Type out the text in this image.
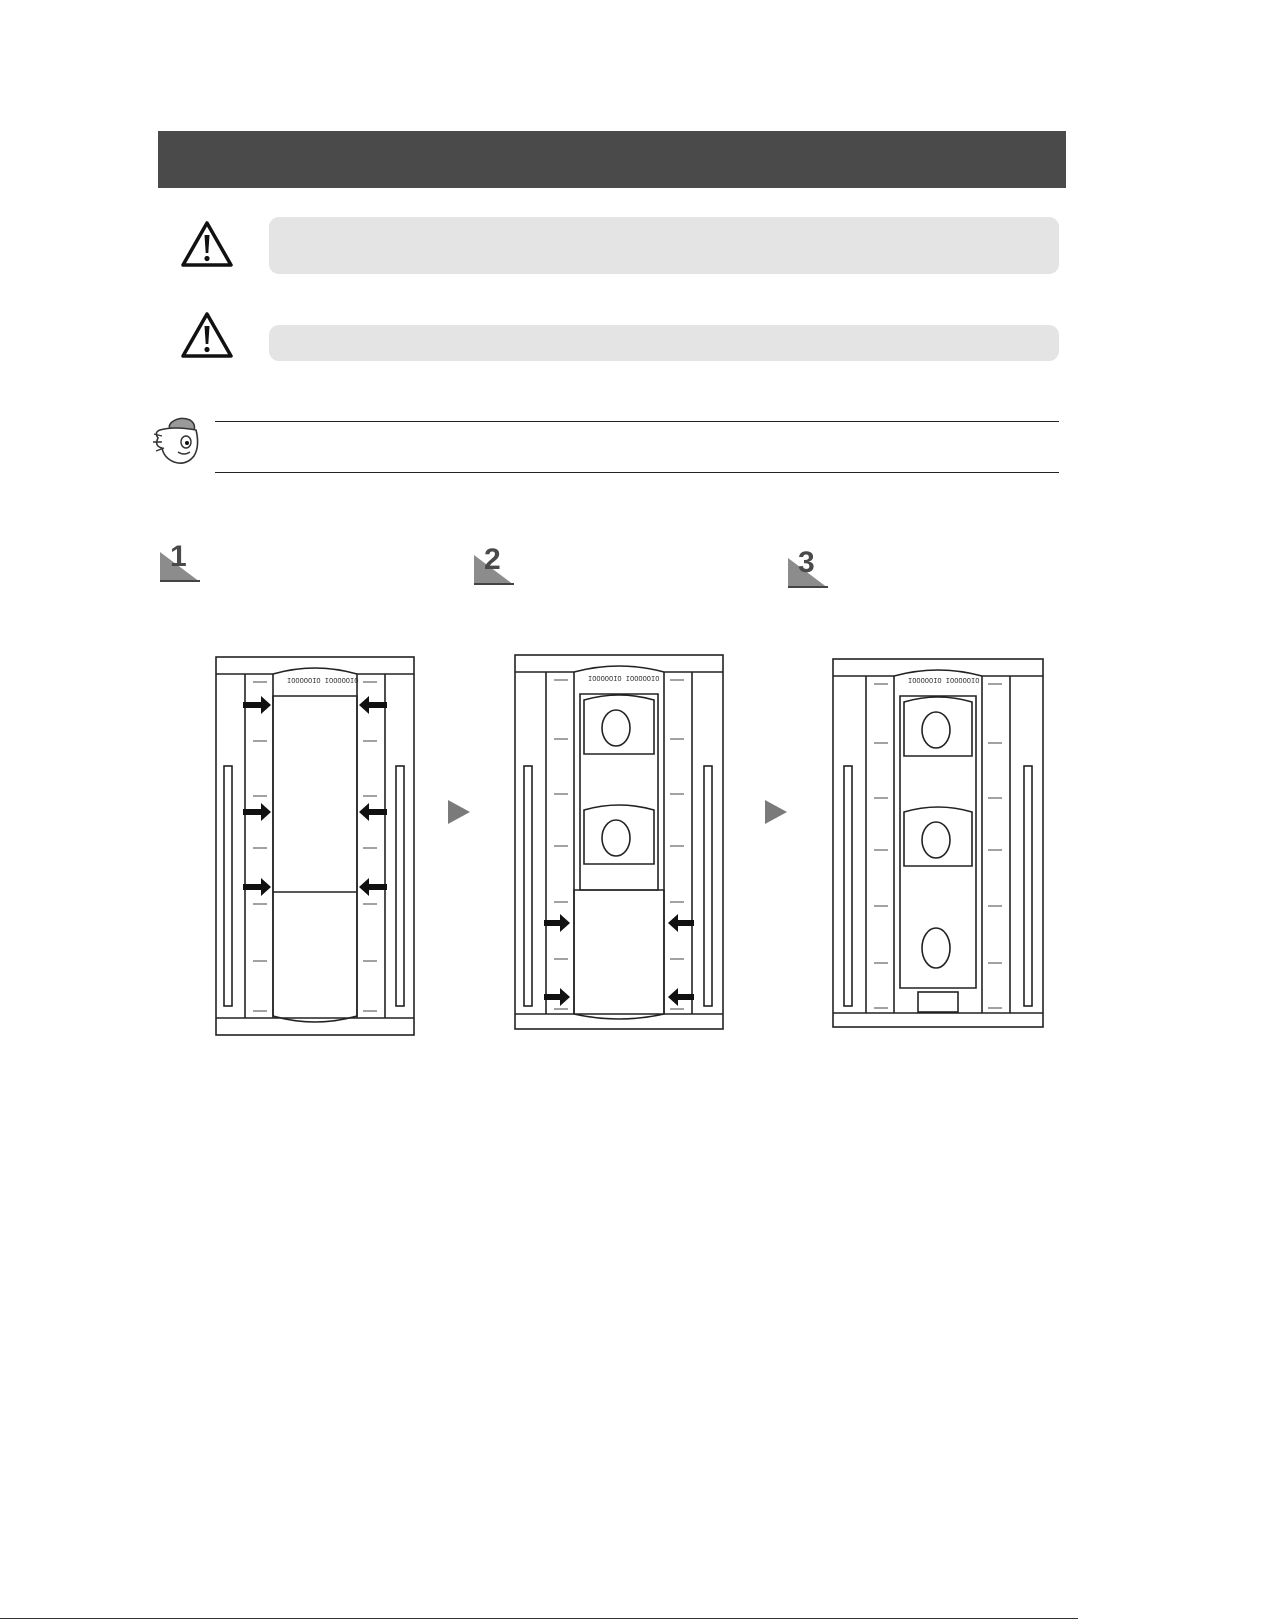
1	2	3
IOOOOOIO IOOOOOIO	IOOOOOIO IOOOOOIO	IOOOOOIO IOOOOOIO
